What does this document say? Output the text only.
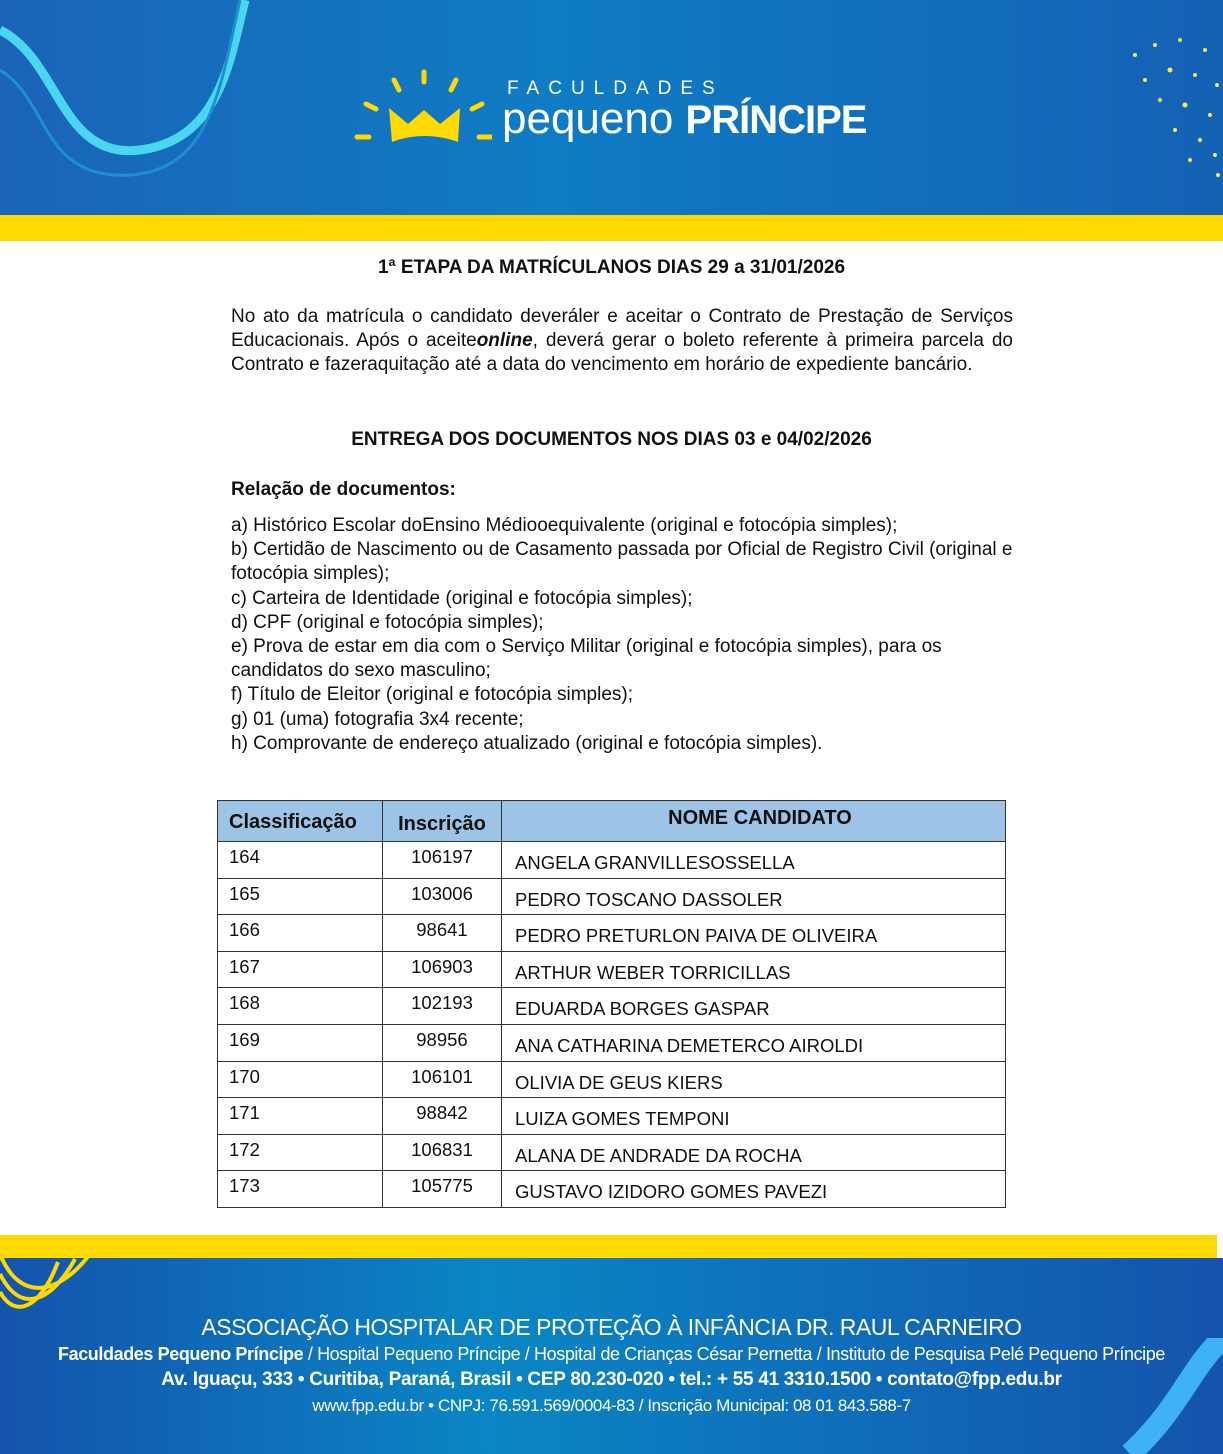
FACULDADES
pequeno PRÍNCIPE
1ª ETAPA DA MATRÍCULANOS DIAS 29 a 31/01/2026

No ato da matrícula o candidato deveráler e aceitar o Contrato de Prestação de Serviços Educacionais. Após o aceiteonline, deverá gerar o boleto referente à primeira parcela do Contrato e fazeraquitação até a data do vencimento em horário de expediente bancário.

ENTREGA DOS DOCUMENTOS NOS DIAS 03 e 04/02/2026
Relação de documentos:
a) Histórico Escolar doEnsino Médiooequivalente (original e fotocópia simples);
b) Certidão de Nascimento ou de Casamento passada por Oficial de Registro Civil (original e fotocópia simples);
c) Carteira de Identidade (original e fotocópia simples);
d) CPF (original e fotocópia simples);
e) Prova de estar em dia com o Serviço Militar (original e fotocópia simples), para os candidatos do sexo masculino;
f) Título de Eleitor (original e fotocópia simples);
g) 01 (uma) fotografia 3x4 recente;
h) Comprovante de endereço atualizado (original e fotocópia simples).
Classificação	Inscrição	NOME CANDIDATO
164	106197	ANGELA GRANVILLESOSSELLA
165	103006	PEDRO TOSCANO DASSOLER
166	98641	PEDRO PRETURLON PAIVA DE OLIVEIRA
167	106903	ARTHUR WEBER TORRICILLAS
168	102193	EDUARDA BORGES GASPAR
169	98956	ANA CATHARINA DEMETERCO AIROLDI
170	106101	OLIVIA DE GEUS KIERS
171	98842	LUIZA GOMES TEMPONI
172	106831	ALANA DE ANDRADE DA ROCHA
173	105775	GUSTAVO IZIDORO GOMES PAVEZI
ASSOCIAÇÃO HOSPITALAR DE PROTEÇÃO À INFÂNCIA DR. RAUL CARNEIRO
Faculdades Pequeno Príncipe / Hospital Pequeno Príncipe / Hospital de Crianças César Pernetta / Instituto de Pesquisa Pelé Pequeno Príncipe
Av. Iguaçu, 333 • Curitiba, Paraná, Brasil • CEP 80.230-020 • tel.: + 55 41 3310.1500 • contato@fpp.edu.br
www.fpp.edu.br • CNPJ: 76.591.569/0004-83 / Inscrição Municipal: 08 01 843.588-7
